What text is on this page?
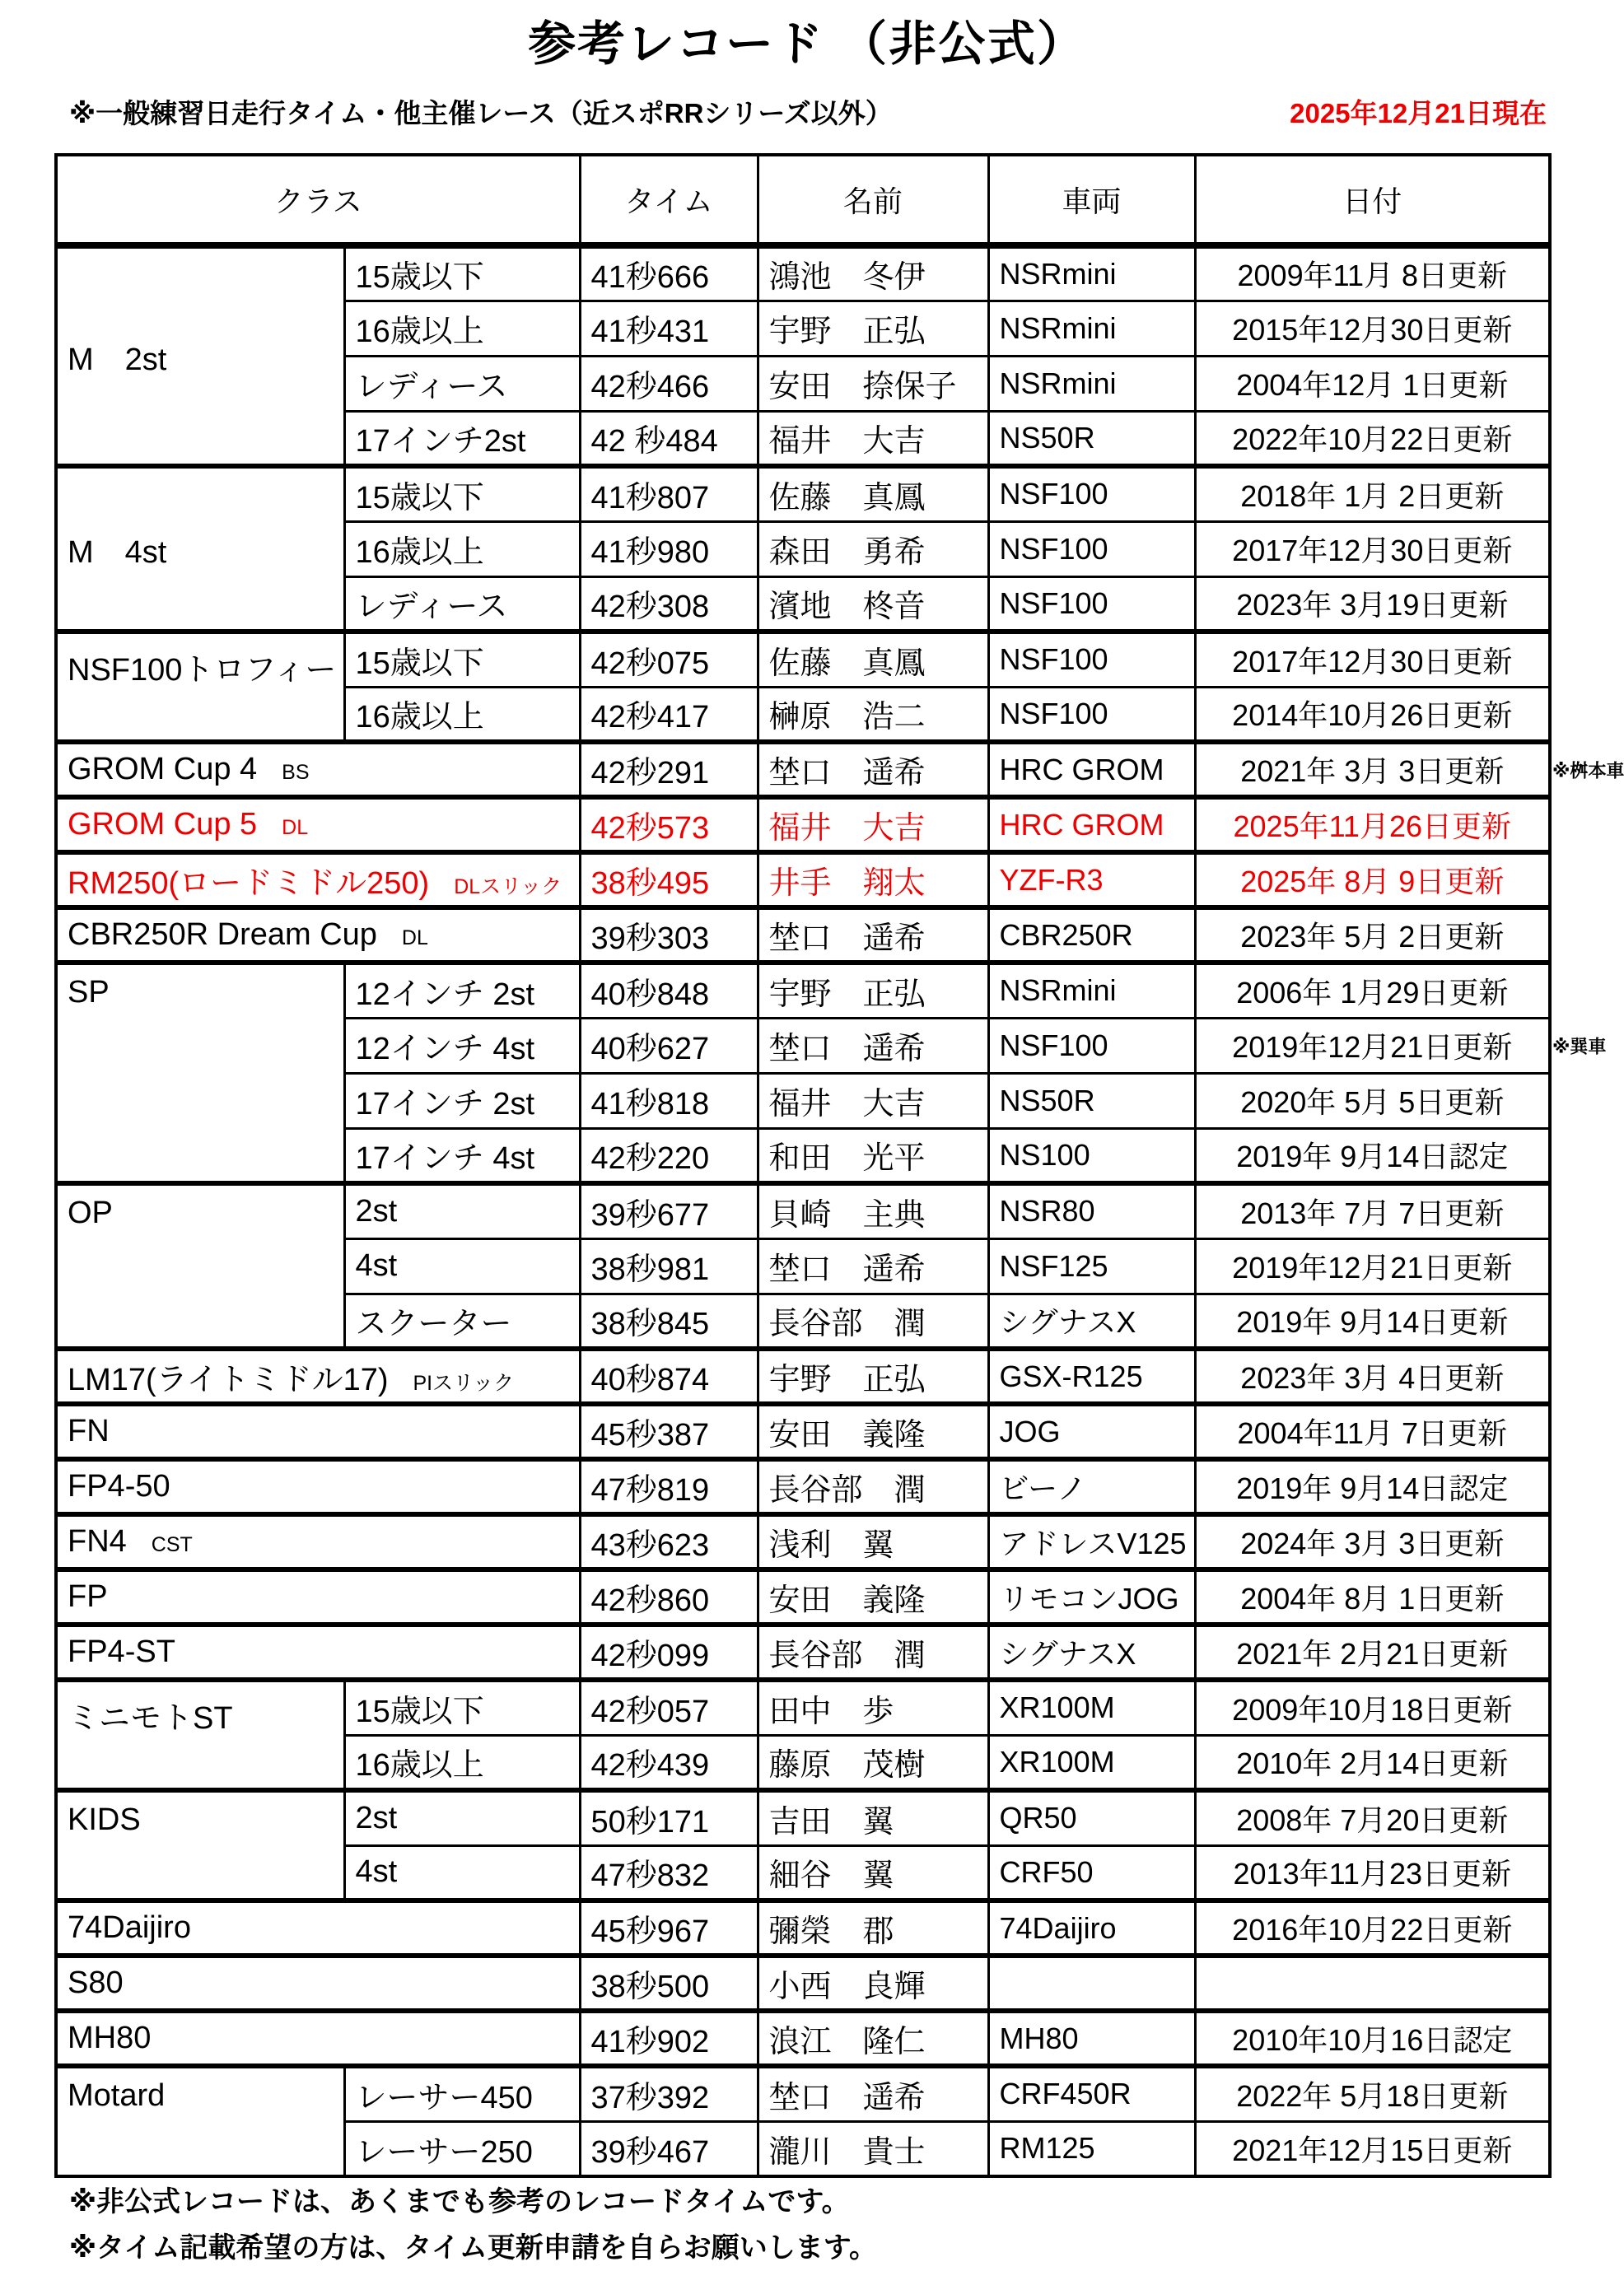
参考レコード （非公式）
※一般練習日走行タイム・他主催レース（近スポRRシリーズ以外）	2025年12月21日現在
クラス		タイム	名前	車両	日付
M　2st	15歳以下	41秒666	鴻池　冬伊	NSRmini	2009年11月 8日更新
	16歳以上	41秒431	宇野　正弘	NSRmini	2015年12月30日更新
	レディース	42秒466	安田　捺保子	NSRmini	2004年12月 1日更新
	17インチ2st	42 秒484	福井　大吉	NS50R	2022年10月22日更新
M　4st	15歳以下	41秒807	佐藤　真鳳	NSF100	2018年 1月 2日更新
	16歳以上	41秒980	森田　勇希	NSF100	2017年12月30日更新
	レディース	42秒308	濱地　柊音	NSF100	2023年 3月19日更新
NSF100トロフィー	15歳以下	42秒075	佐藤　真鳳	NSF100	2017年12月30日更新
	16歳以上	42秒417	榊原　浩二	NSF100	2014年10月26日更新
GROM Cup 4 BS		42秒291	埜口　遥希	HRC GROM	2021年 3月 3日更新 ※桝本車

GROM Cup 5 DL		42秒573	福井　大吉	HRC GROM	2025年11月26日更新
RM250(ロードミドル250) DLスリック		38秒495	井手　翔太	YZF-R3	2025年 8月 9日更新
CBR250R Dream Cup DL		39秒303	埜口　遥希	CBR250R	2023年 5月 2日更新
SP	12インチ 2st	40秒848	宇野　正弘	NSRmini	2006年 1月29日更新
	12インチ 4st	40秒627	埜口　遥希	NSF100	2019年12月21日更新 ※巽車

	17インチ 2st	41秒818	福井　大吉	NS50R	2020年 5月 5日更新
	17インチ 4st	42秒220	和田　光平	NS100	2019年 9月14日認定
OP	2st	39秒677	貝崎　主典	NSR80	2013年 7月 7日更新
	4st	38秒981	埜口　遥希	NSF125	2019年12月21日更新
	スクーター	38秒845	長谷部　潤	シグナスX	2019年 9月14日更新
LM17(ライトミドル17) PIスリック		40秒874	宇野　正弘	GSX-R125	2023年 3月 4日更新
FN		45秒387	安田　義隆	JOG	2004年11月 7日更新
FP4-50		47秒819	長谷部　潤	ビーノ	2019年 9月14日認定
FN4 CST		43秒623	浅利　翼	アドレスV125	2024年 3月 3日更新
FP		42秒860	安田　義隆	リモコンJOG	2004年 8月 1日更新
FP4-ST		42秒099	長谷部　潤	シグナスX	2021年 2月21日更新
ミニモトST	15歳以下	42秒057	田中　歩	XR100M	2009年10月18日更新
	16歳以上	42秒439	藤原　茂樹	XR100M	2010年 2月14日更新
KIDS	2st	50秒171	吉田　翼	QR50	2008年 7月20日更新
	4st	47秒832	細谷　翼	CRF50	2013年11月23日更新
74Daijiro		45秒967	彌榮　郡	74Daijiro	2016年10月22日更新
S80		38秒500	小西　良輝		
MH80		41秒902	浪江　隆仁	MH80	2010年10月16日認定
Motard	レーサー450	37秒392	埜口　遥希	CRF450R	2022年 5月18日更新
	レーサー250	39秒467	瀧川　貴士	RM125	2021年12月15日更新
※非公式レコードは、あくまでも参考のレコードタイムです。
※タイム記載希望の方は、タイム更新申請を自らお願いします。
